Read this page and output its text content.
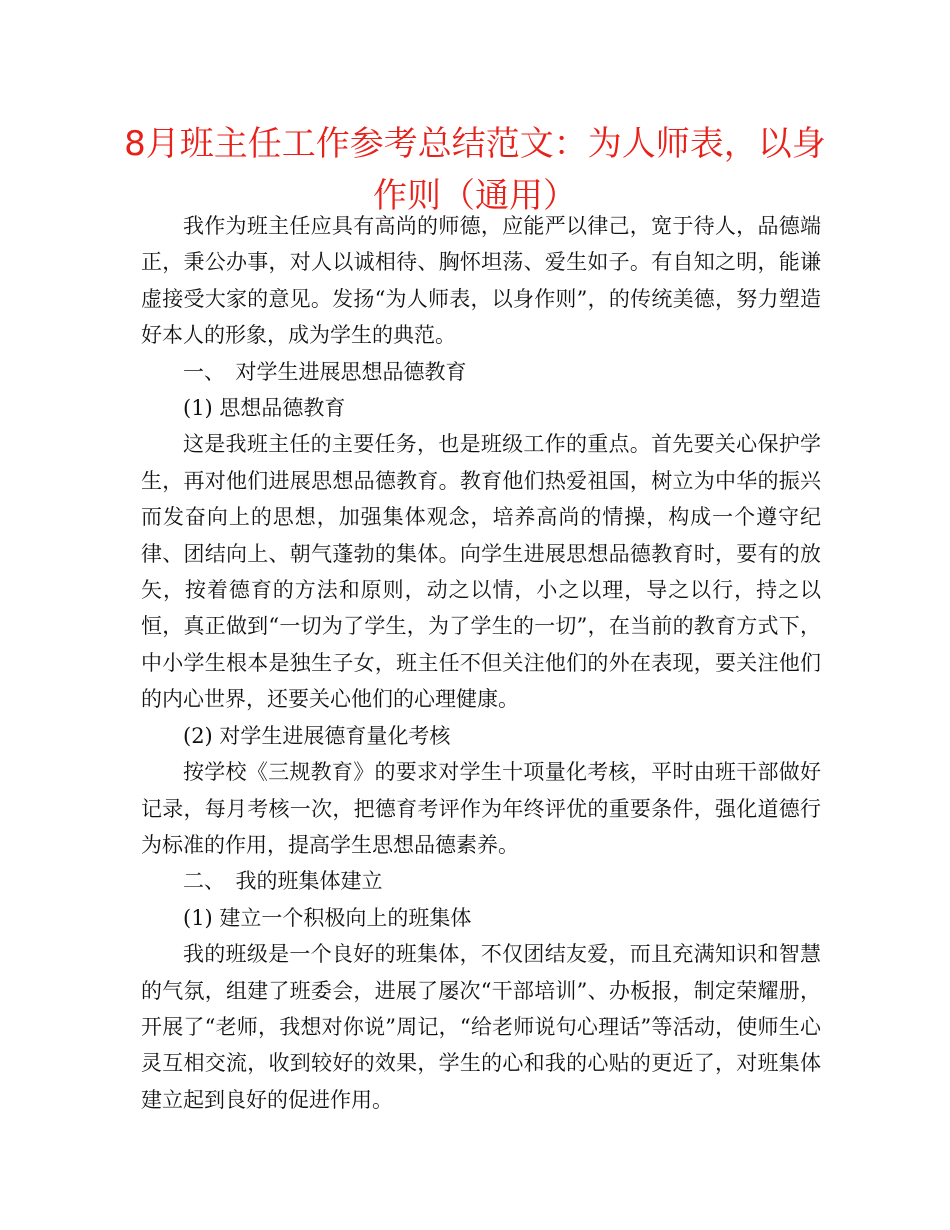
8月班主任工作参考总结范文：为人师表，以身作则（通用）

我作为班主任应具有高尚的师德，应能严以律己，宽于待人，品德端正，秉公办事，对人以诚相待、胸怀坦荡、爱生如子。有自知之明，能谦虚接受大家的意见。发扬“为人师表，以身作则”，的传统美德，努力塑造好本人的形象，成为学生的典范。

一、　对学生进展思想品德教育

(1) 思想品德教育

这是我班主任的主要任务，也是班级工作的重点。首先要关心保护学生，再对他们进展思想品德教育。教育他们热爱祖国，树立为中华的振兴而发奋向上的思想，加强集体观念，培养高尚的情操，构成一个遵守纪律、团结向上、朝气蓬勃的集体。向学生进展思想品德教育时，要有的放矢，按着德育的方法和原则，动之以情，小之以理，导之以行，持之以恒，真正做到“一切为了学生，为了学生的一切”，在当前的教育方式下，中小学生根本是独生子女，班主任不但关注他们的外在表现，要关注他们的内心世界，还要关心他们的心理健康。

(2) 对学生进展德育量化考核

按学校《三规教育》的要求对学生十项量化考核，平时由班干部做好记录，每月考核一次，把德育考评作为年终评优的重要条件，强化道德行为标准的作用，提高学生思想品德素养。

二、　我的班集体建立

(1) 建立一个积极向上的班集体

我的班级是一个良好的班集体，不仅团结友爱，而且充满知识和智慧的气氛，组建了班委会，进展了屡次“干部培训”、办板报，制定荣耀册，开展了“老师，我想对你说”周记，“给老师说句心理话”等活动，使师生心灵互相交流，收到较好的效果，学生的心和我的心贴的更近了，对班集体建立起到良好的促进作用。
